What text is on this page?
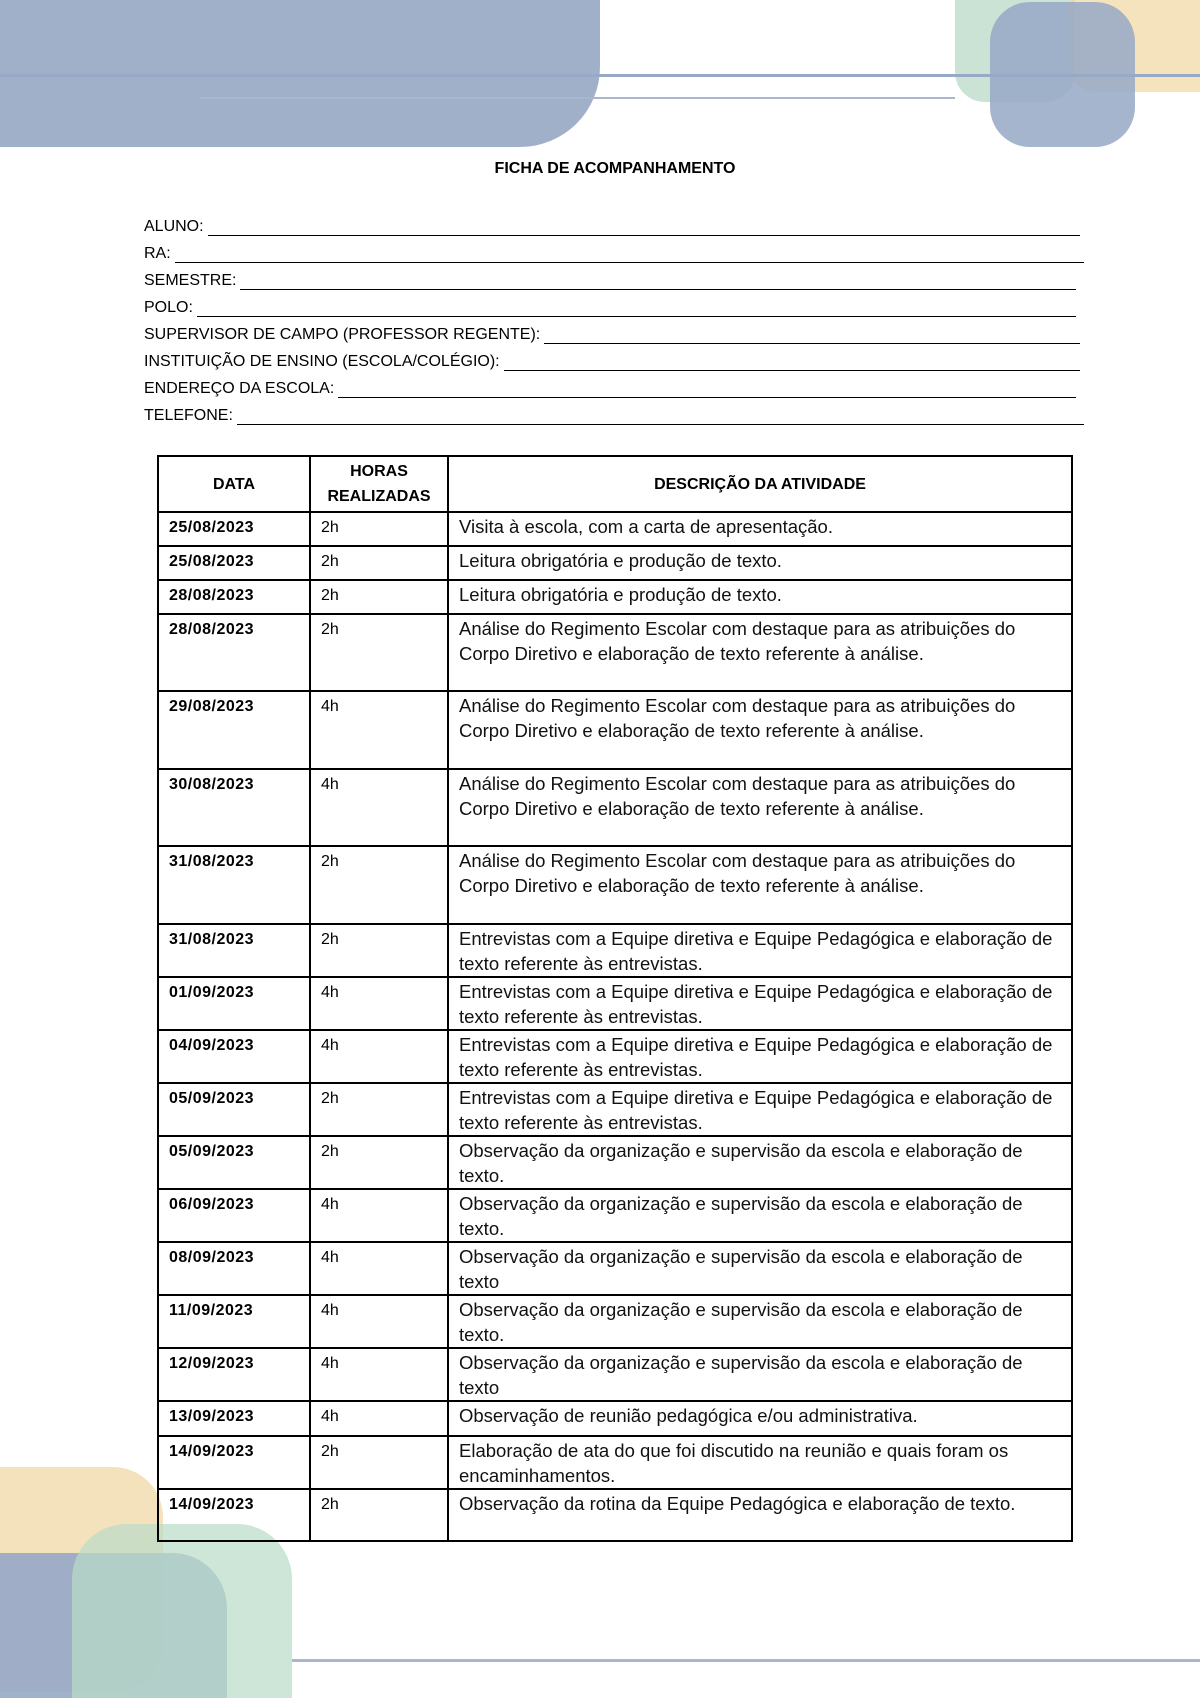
FICHA DE ACOMPANHAMENTO
ALUNO:
RA:
SEMESTRE:
POLO:
SUPERVISOR DE CAMPO (PROFESSOR REGENTE):
INSTITUIÇÃO DE ENSINO (ESCOLA/COLÉGIO):
ENDEREÇO DA ESCOLA:
TELEFONE:
DATA	HORAS REALIZADAS	DESCRIÇÃO DA ATIVIDADE
25/08/2023	2h	Visita à escola, com a carta de apresentação.
25/08/2023	2h	Leitura obrigatória e produção de texto.
28/08/2023	2h	Leitura obrigatória e produção de texto.
28/08/2023	2h	Análise do Regimento Escolar com destaque para as atribuições do Corpo Diretivo e elaboração de texto referente à análise.
29/08/2023	4h	Análise do Regimento Escolar com destaque para as atribuições do Corpo Diretivo e elaboração de texto referente à análise.
30/08/2023	4h	Análise do Regimento Escolar com destaque para as atribuições do Corpo Diretivo e elaboração de texto referente à análise.
31/08/2023	2h	Análise do Regimento Escolar com destaque para as atribuições do Corpo Diretivo e elaboração de texto referente à análise.
31/08/2023	2h	Entrevistas com a Equipe diretiva e Equipe Pedagógica e elaboração de texto referente às entrevistas.
01/09/2023	4h	Entrevistas com a Equipe diretiva e Equipe Pedagógica e elaboração de texto referente às entrevistas.
04/09/2023	4h	Entrevistas com a Equipe diretiva e Equipe Pedagógica e elaboração de texto referente às entrevistas.
05/09/2023	2h	Entrevistas com a Equipe diretiva e Equipe Pedagógica e elaboração de texto referente às entrevistas.
05/09/2023	2h	Observação da organização e supervisão da escola e elaboração de texto.
06/09/2023	4h	Observação da organização e supervisão da escola e elaboração de texto.
08/09/2023	4h	Observação da organização e supervisão da escola e elaboração de texto
11/09/2023	4h	Observação da organização e supervisão da escola e elaboração de texto.
12/09/2023	4h	Observação da organização e supervisão da escola e elaboração de texto
13/09/2023	4h	Observação de reunião pedagógica e/ou administrativa.
14/09/2023	2h	Elaboração de ata do que foi discutido na reunião e quais foram os encaminhamentos.
14/09/2023	2h	Observação da rotina da Equipe Pedagógica e elaboração de texto.
